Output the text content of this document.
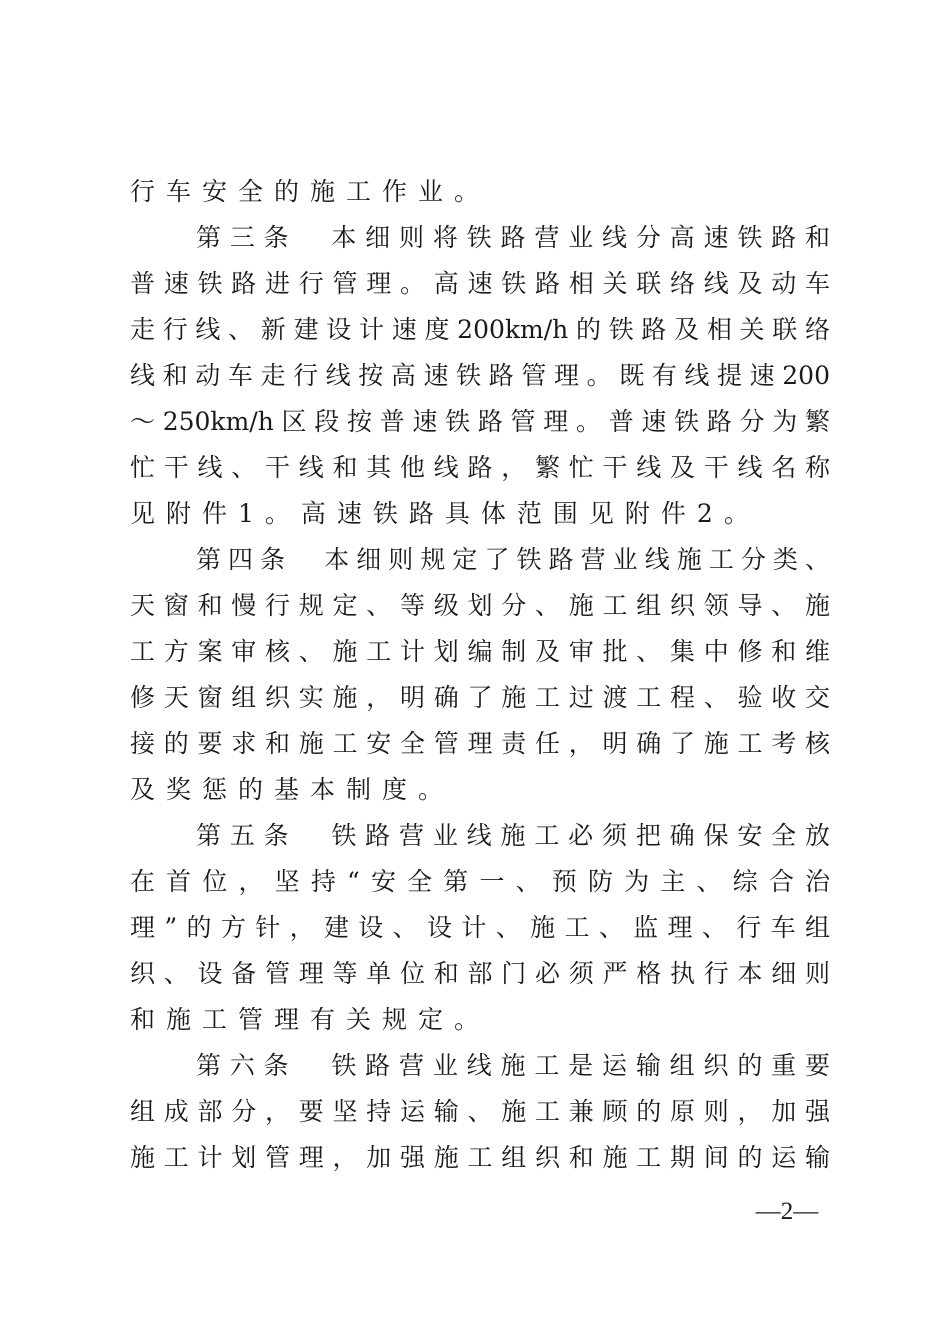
行车安全的施工作业。
第三条　本细则将铁路营业线分高速铁路和
普速铁路进行管理。高速铁路相关联络线及动车
走行线、新建设计速度200km/h的铁路及相关联络
线和动车走行线按高速铁路管理。既有线提速200
～250km/h区段按普速铁路管理。普速铁路分为繁
忙干线、干线和其他线路，繁忙干线及干线名称
见附件1。高速铁路具体范围见附件2。
第四条　本细则规定了铁路营业线施工分类、
天窗和慢行规定、等级划分、施工组织领导、施
工方案审核、施工计划编制及审批、集中修和维
修天窗组织实施，明确了施工过渡工程、验收交
接的要求和施工安全管理责任，明确了施工考核
及奖惩的基本制度。
第五条　铁路营业线施工必须把确保安全放
在首位，坚持“安全第一、预防为主、综合治
理”的方针，建设、设计、施工、监理、行车组
织、设备管理等单位和部门必须严格执行本细则
和施工管理有关规定。
第六条　铁路营业线施工是运输组织的重要
组成部分，要坚持运输、施工兼顾的原则，加强
施工计划管理，加强施工组织和施工期间的运输
—2—
